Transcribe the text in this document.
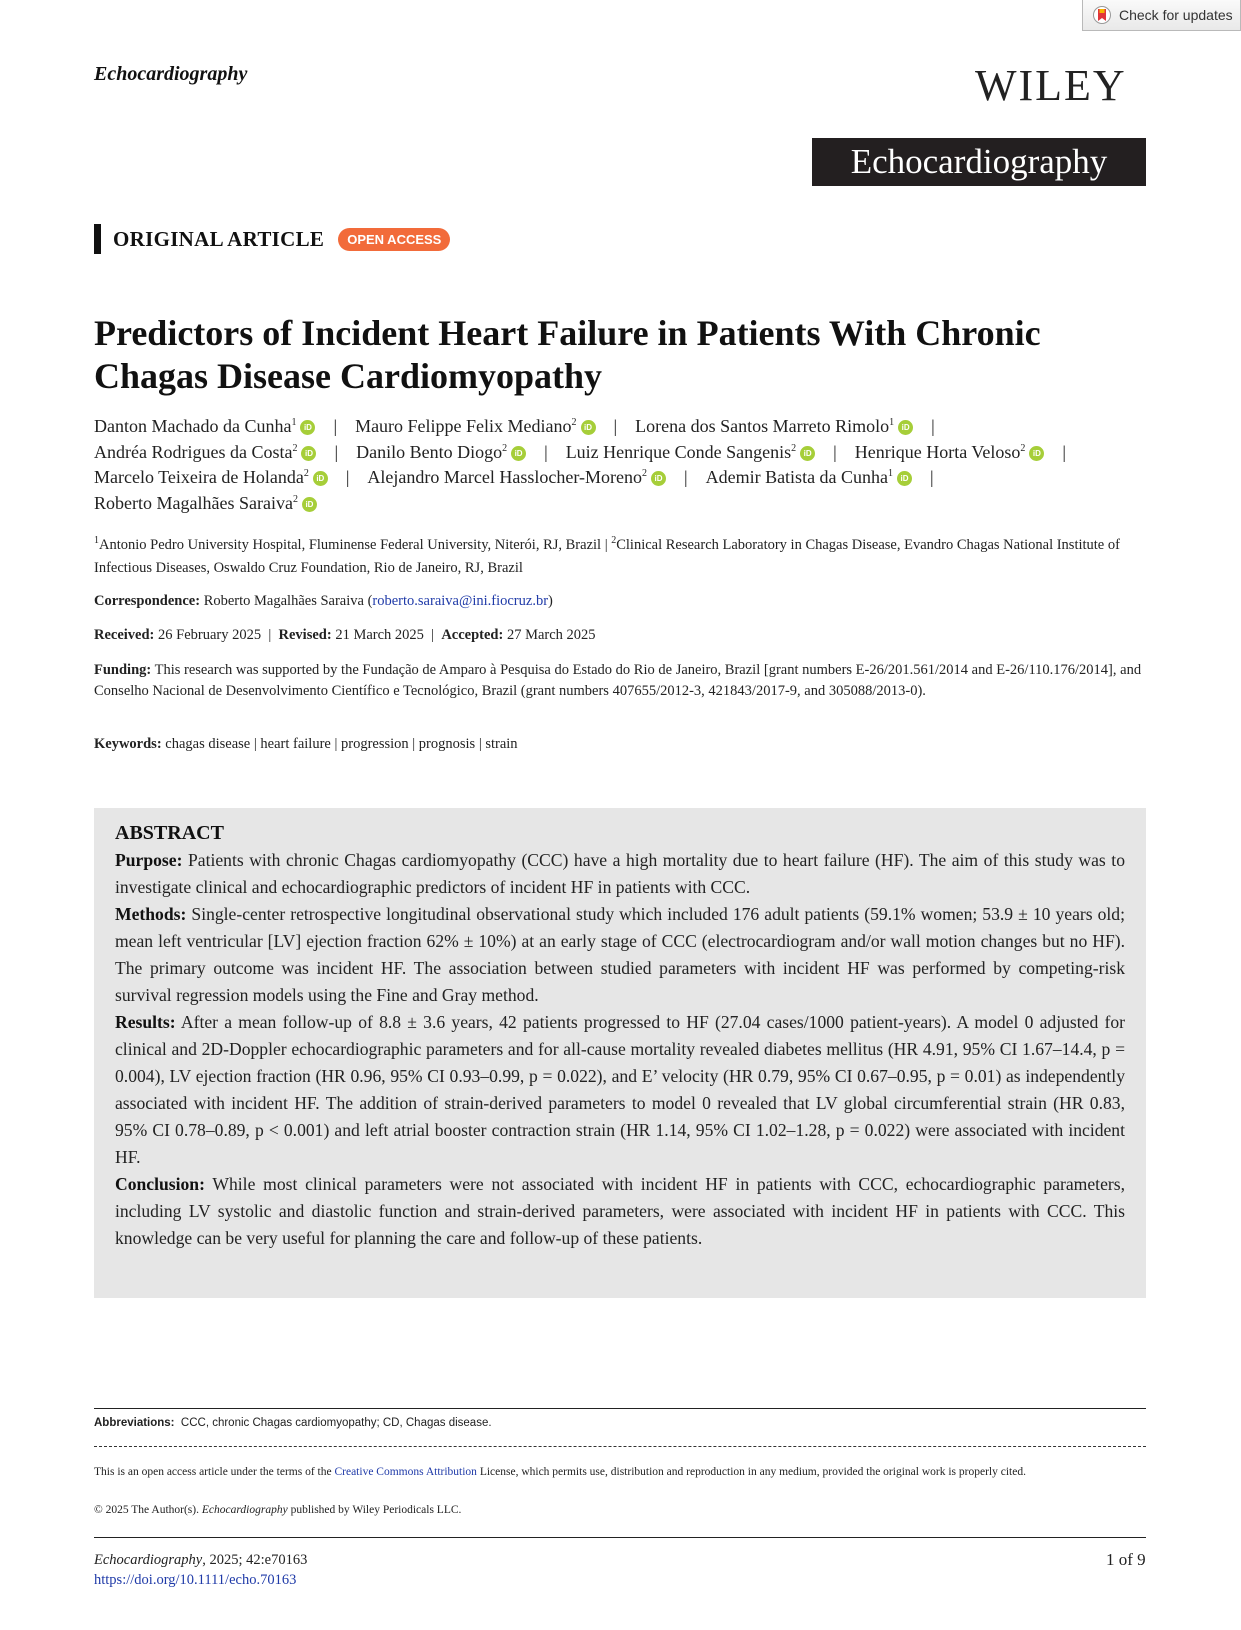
Check for updates
Echocardiography	WILEY
Echocardiography
ORIGINAL ARTICLE	OPEN ACCESS
Predictors of Incident Heart Failure in Patients With Chronic Chagas Disease Cardiomyopathy
Danton Machado da Cunha$^1$ iD | Mauro Felippe Felix Mediano$^2$ iD | Lorena dos Santos Marreto Rimolo$^1$ iD |
Andréa Rodrigues da Costa$^2$ iD | Danilo Bento Diogo$^2$ iD | Luiz Henrique Conde Sangenis$^2$ iD | Henrique Horta Veloso$^2$ iD |
Marcelo Teixeira de Holanda$^2$ iD | Alejandro Marcel Hasslocher-Moreno$^2$ iD | Ademir Batista da Cunha$^1$ iD |
Roberto Magalhães Saraiva$^2$ iD
$^1$Antonio Pedro University Hospital, Fluminense Federal University, Niterói, RJ, Brazil | $^2$Clinical Research Laboratory in Chagas Disease, Evandro Chagas National Institute of Infectious Diseases, Oswaldo Cruz Foundation, Rio de Janeiro, RJ, Brazil
Correspondence: Roberto Magalhães Saraiva (roberto.saraiva@ini.fiocruz.br)
Received: 26 February 2025 | Revised: 21 March 2025 | Accepted: 27 March 2025
Funding: This research was supported by the Fundação de Amparo à Pesquisa do Estado do Rio de Janeiro, Brazil [grant numbers E-26/201.561/2014 and E-26/110.176/2014], and Conselho Nacional de Desenvolvimento Científico e Tecnológico, Brazil (grant numbers 407655/2012-3, 421843/2017-9, and 305088/2013-0).
Keywords: chagas disease | heart failure | progression | prognosis | strain
ABSTRACT
Purpose: Patients with chronic Chagas cardiomyopathy (CCC) have a high mortality due to heart failure (HF). The aim of this study was to investigate clinical and echocardiographic predictors of incident HF in patients with CCC.
Methods: Single-center retrospective longitudinal observational study which included 176 adult patients (59.1% women; 53.9 ± 10 years old; mean left ventricular [LV] ejection fraction 62% ± 10%) at an early stage of CCC (electrocardiogram and/or wall motion changes but no HF). The primary outcome was incident HF. The association between studied parameters with incident HF was performed by competing-risk survival regression models using the Fine and Gray method.
Results: After a mean follow-up of 8.8 ± 3.6 years, 42 patients progressed to HF (27.04 cases/1000 patient-years). A model 0 adjusted for clinical and 2D-Doppler echocardiographic parameters and for all-cause mortality revealed diabetes mellitus (HR 4.91, 95% CI 1.67–14.4, p = 0.004), LV ejection fraction (HR 0.96, 95% CI 0.93–0.99, p = 0.022), and E’ velocity (HR 0.79, 95% CI 0.67–0.95, p = 0.01) as independently associated with incident HF. The addition of strain-derived parameters to model 0 revealed that LV global circumferential strain (HR 0.83, 95% CI 0.78–0.89, p < 0.001) and left atrial booster contraction strain (HR 1.14, 95% CI 1.02–1.28, p = 0.022) were associated with incident HF.
Conclusion: While most clinical parameters were not associated with incident HF in patients with CCC, echocardiographic parameters, including LV systolic and diastolic function and strain-derived parameters, were associated with incident HF in patients with CCC. This knowledge can be very useful for planning the care and follow-up of these patients.
Abbreviations: CCC, chronic Chagas cardiomyopathy; CD, Chagas disease.
This is an open access article under the terms of the Creative Commons Attribution License, which permits use, distribution and reproduction in any medium, provided the original work is properly cited.
© 2025 The Author(s). Echocardiography published by Wiley Periodicals LLC.
Echocardiography, 2025; 42:e70163
https://doi.org/10.1111/echo.70163
1 of 9
